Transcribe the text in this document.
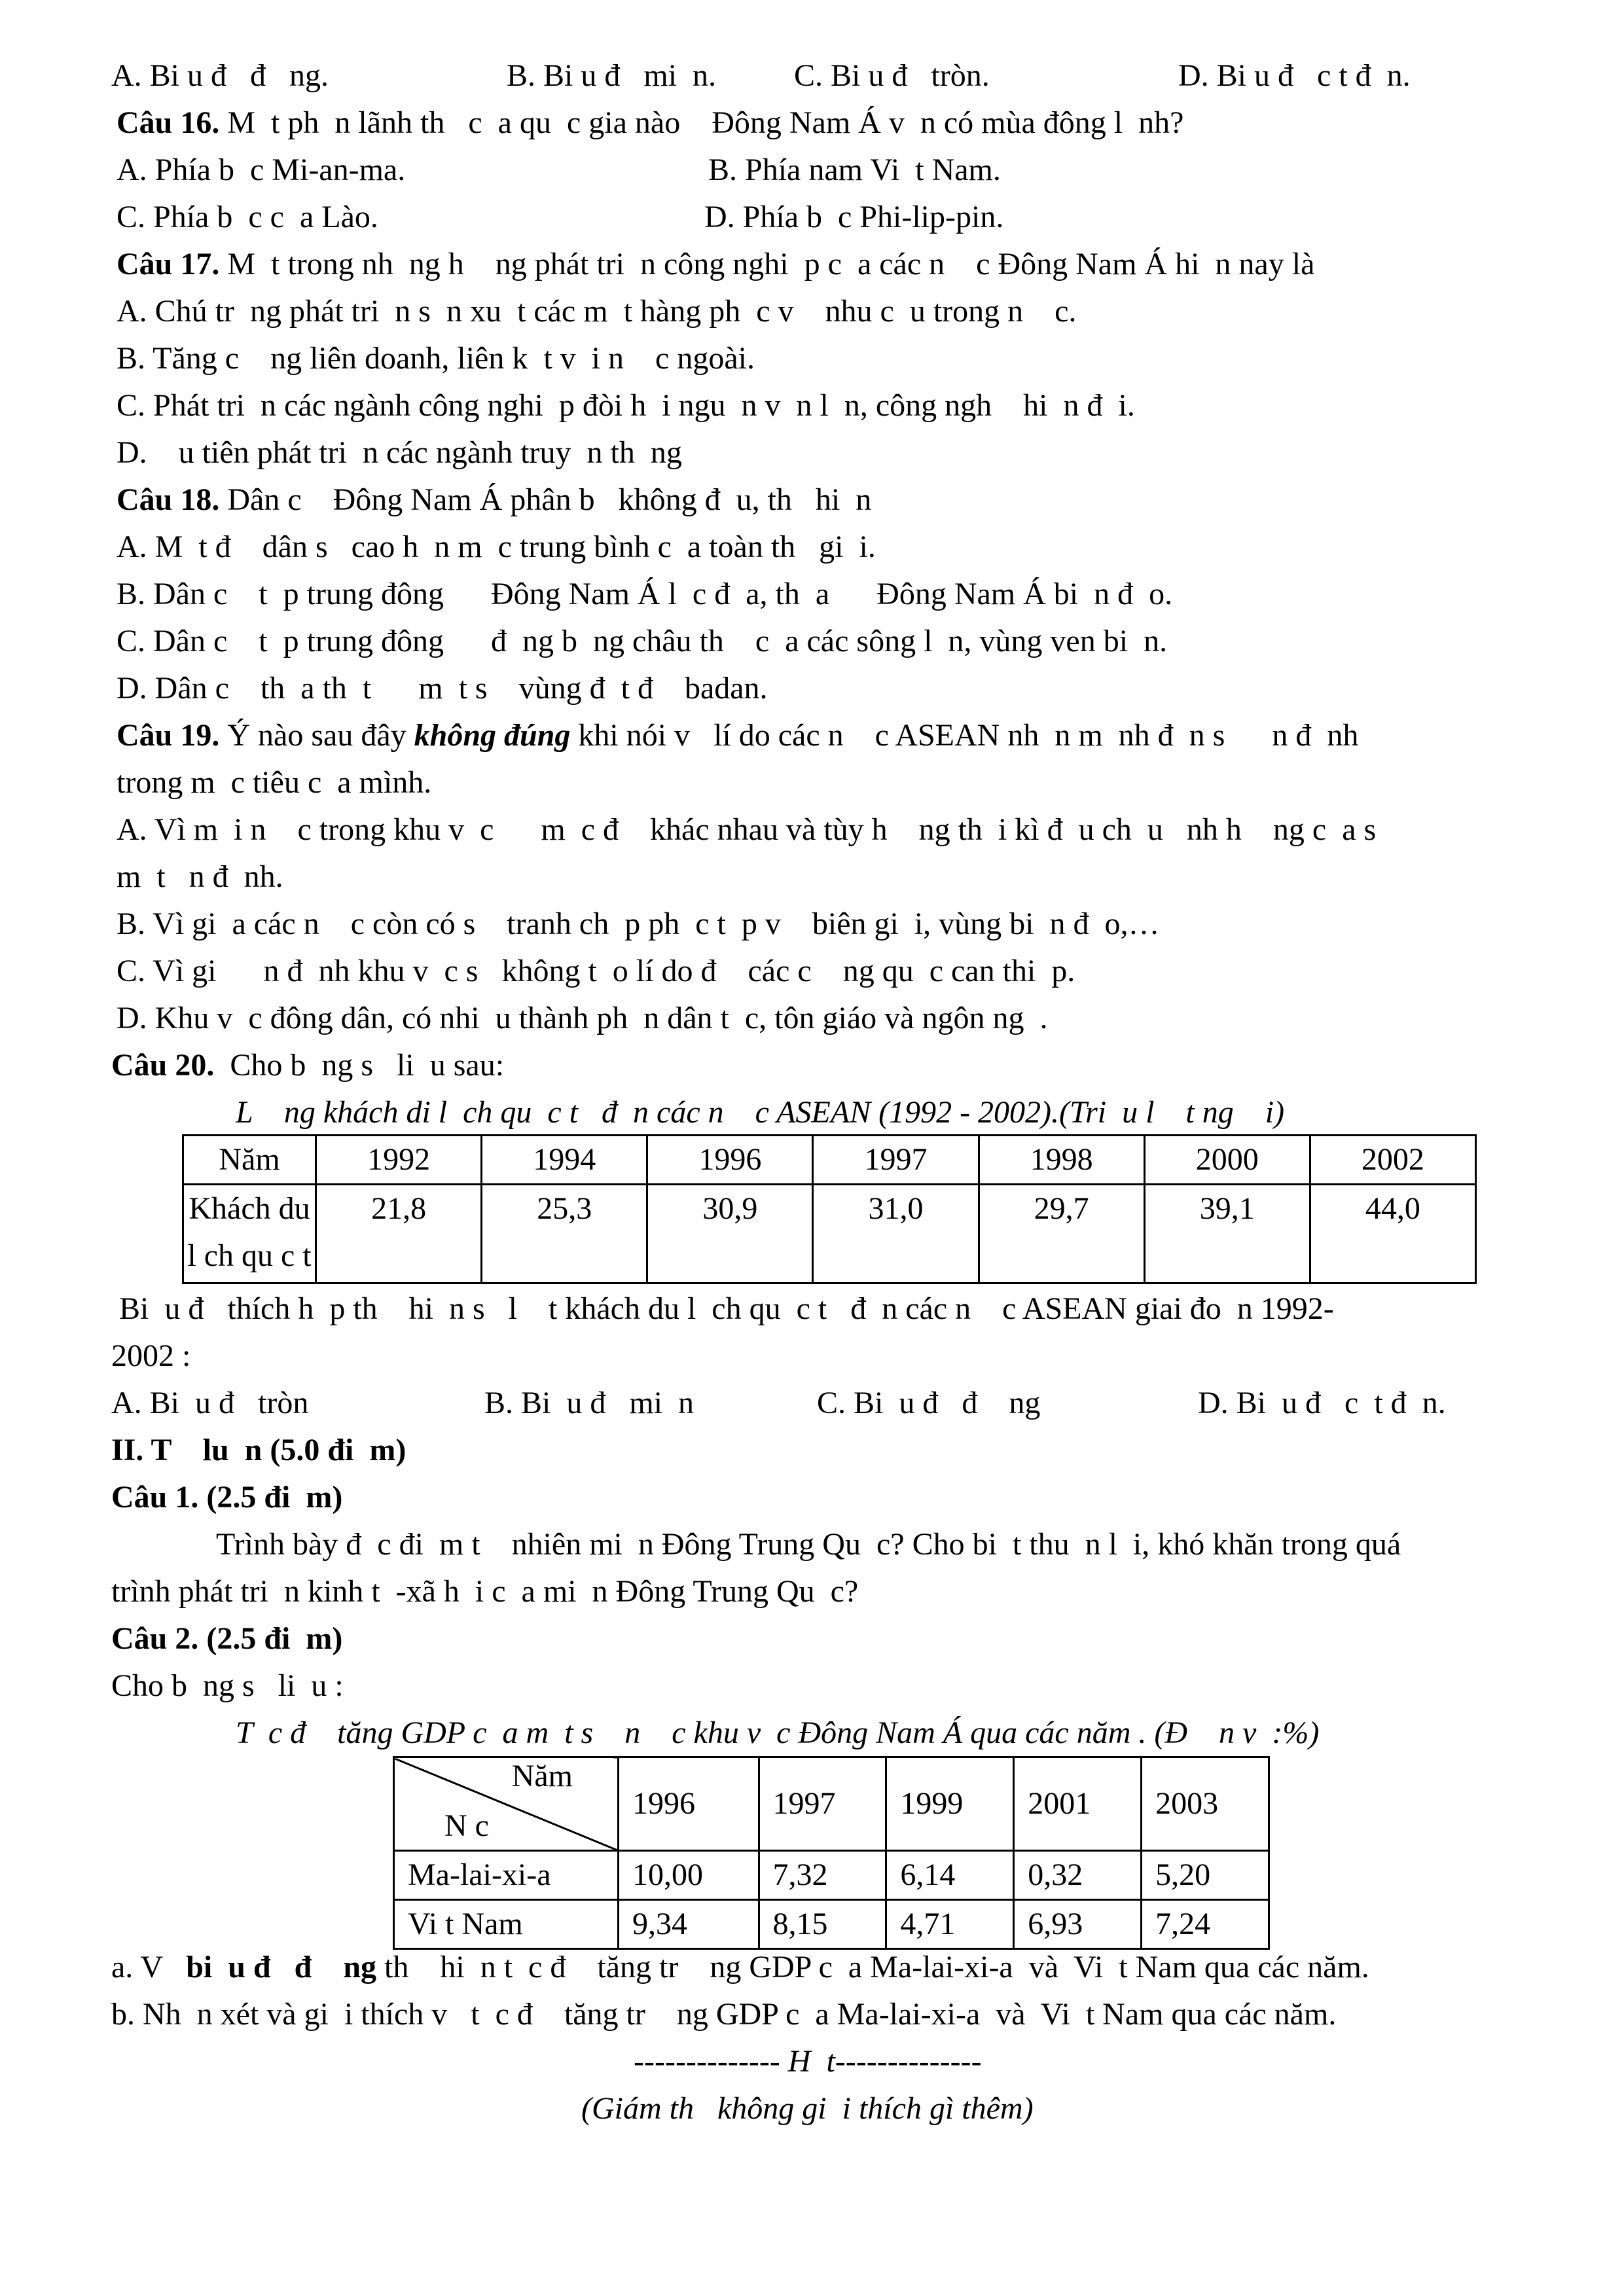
A. Bi u đ   đ   ng.	B. Bi u đ   mi  n. C. Bi u đ   tròn.	D. Bi u đ   c t đ  n.
Câu 16. M  t ph  n lãnh th   c  a qu  c gia nào    Đông Nam Á v  n có mùa đông l  nh?
A. Phía b  c Mi-an-ma.	B. Phía nam Vi  t Nam.
C. Phía b  c c  a Lào.	D. Phía b  c Phi-lip-pin.
Câu 17. M  t trong nh  ng h    ng phát tri  n công nghi  p c  a các n    c Đông Nam Á hi  n nay là
A. Chú tr  ng phát tri  n s  n xu  t các m  t hàng ph  c v    nhu c  u trong n    c.
B. Tăng c    ng liên doanh, liên k  t v  i n    c ngoài.
C. Phát tri  n các ngành công nghi  p đòi h  i ngu  n v  n l  n, công ngh    hi  n đ  i.
D.    u tiên phát tri  n các ngành truy  n th  ng
Câu 18. Dân c    Đông Nam Á phân b   không đ  u, th   hi  n
A. M  t đ    dân s   cao h  n m  c trung bình c  a toàn th   gi  i.
B. Dân c    t  p trung đông      Đông Nam Á l  c đ  a, th  a      Đông Nam Á bi  n đ  o.
C. Dân c    t  p trung đông      đ  ng b  ng châu th    c  a các sông l  n, vùng ven bi  n.
D. Dân c    th  a th  t      m  t s    vùng đ  t đ    badan.
Câu 19. Ý nào sau đây không đúng khi nói v   lí do các n    c ASEAN nh  n m  nh đ  n s      n đ  nh
trong m  c tiêu c  a mình.
A. Vì m  i n    c trong khu v  c      m  c đ    khác nhau và tùy h    ng th  i kì đ  u ch  u   nh h    ng c  a s
m  t   n đ  nh.
B. Vì gi  a các n    c còn có s    tranh ch  p ph  c t  p v    biên gi  i, vùng bi  n đ  o,…
C. Vì gi      n đ  nh khu v  c s   không t  o lí do đ    các c    ng qu  c can thi  p.
D. Khu v  c đông dân, có nhi  u thành ph  n dân t  c, tôn giáo và ngôn ng  .
Câu 20.  Cho b  ng s   li  u sau:
L    ng khách di l  ch qu  c t   đ  n các n    c ASEAN (1992 - 2002).(Tri  u l    t ng    i)
Năm	1992	1994	1996	1997	1998	2000	2002
Khách du l ch qu c t	21,8	25,3	30,9	31,0	29,7	39,1	44,0
Bi  u đ   thích h  p th    hi  n s   l    t khách du l  ch qu  c t   đ  n các n    c ASEAN giai đo  n 1992-
2002 :
A. Bi  u đ   tròn	B. Bi  u đ   mi  n	C. Bi  u đ   đ    ng	D. Bi  u đ   c  t đ  n.
II. T    lu  n (5.0 đi  m)
Câu 1. (2.5 đi  m)
Trình bày đ  c đi  m t    nhiên mi  n Đông Trung Qu  c? Cho bi  t thu  n l  i, khó khăn trong quá
trình phát tri  n kinh t  -xã h  i c  a mi  n Đông Trung Qu  c?
Câu 2. (2.5 đi  m)
Cho b  ng s   li  u :
T  c đ    tăng GDP c  a m  t s    n    c khu v  c Đông Nam Á qua các năm . (Đ    n v  :%)
Năm
N c	1996	1997	1999	2001	2003
Ma-lai-xi-a	10,00	7,32	6,14	0,32	5,20
Vi t Nam	9,34	8,15	4,71	6,93	7,24
a. V   bi  u đ   đ    ng th    hi  n t  c đ    tăng tr    ng GDP c  a Ma-lai-xi-a  và  Vi  t Nam qua các năm.
b. Nh  n xét và gi  i thích v   t  c đ    tăng tr    ng GDP c  a Ma-lai-xi-a  và  Vi  t Nam qua các năm.
-------------- H  t--------------
(Giám th   không gi  i thích gì thêm)
